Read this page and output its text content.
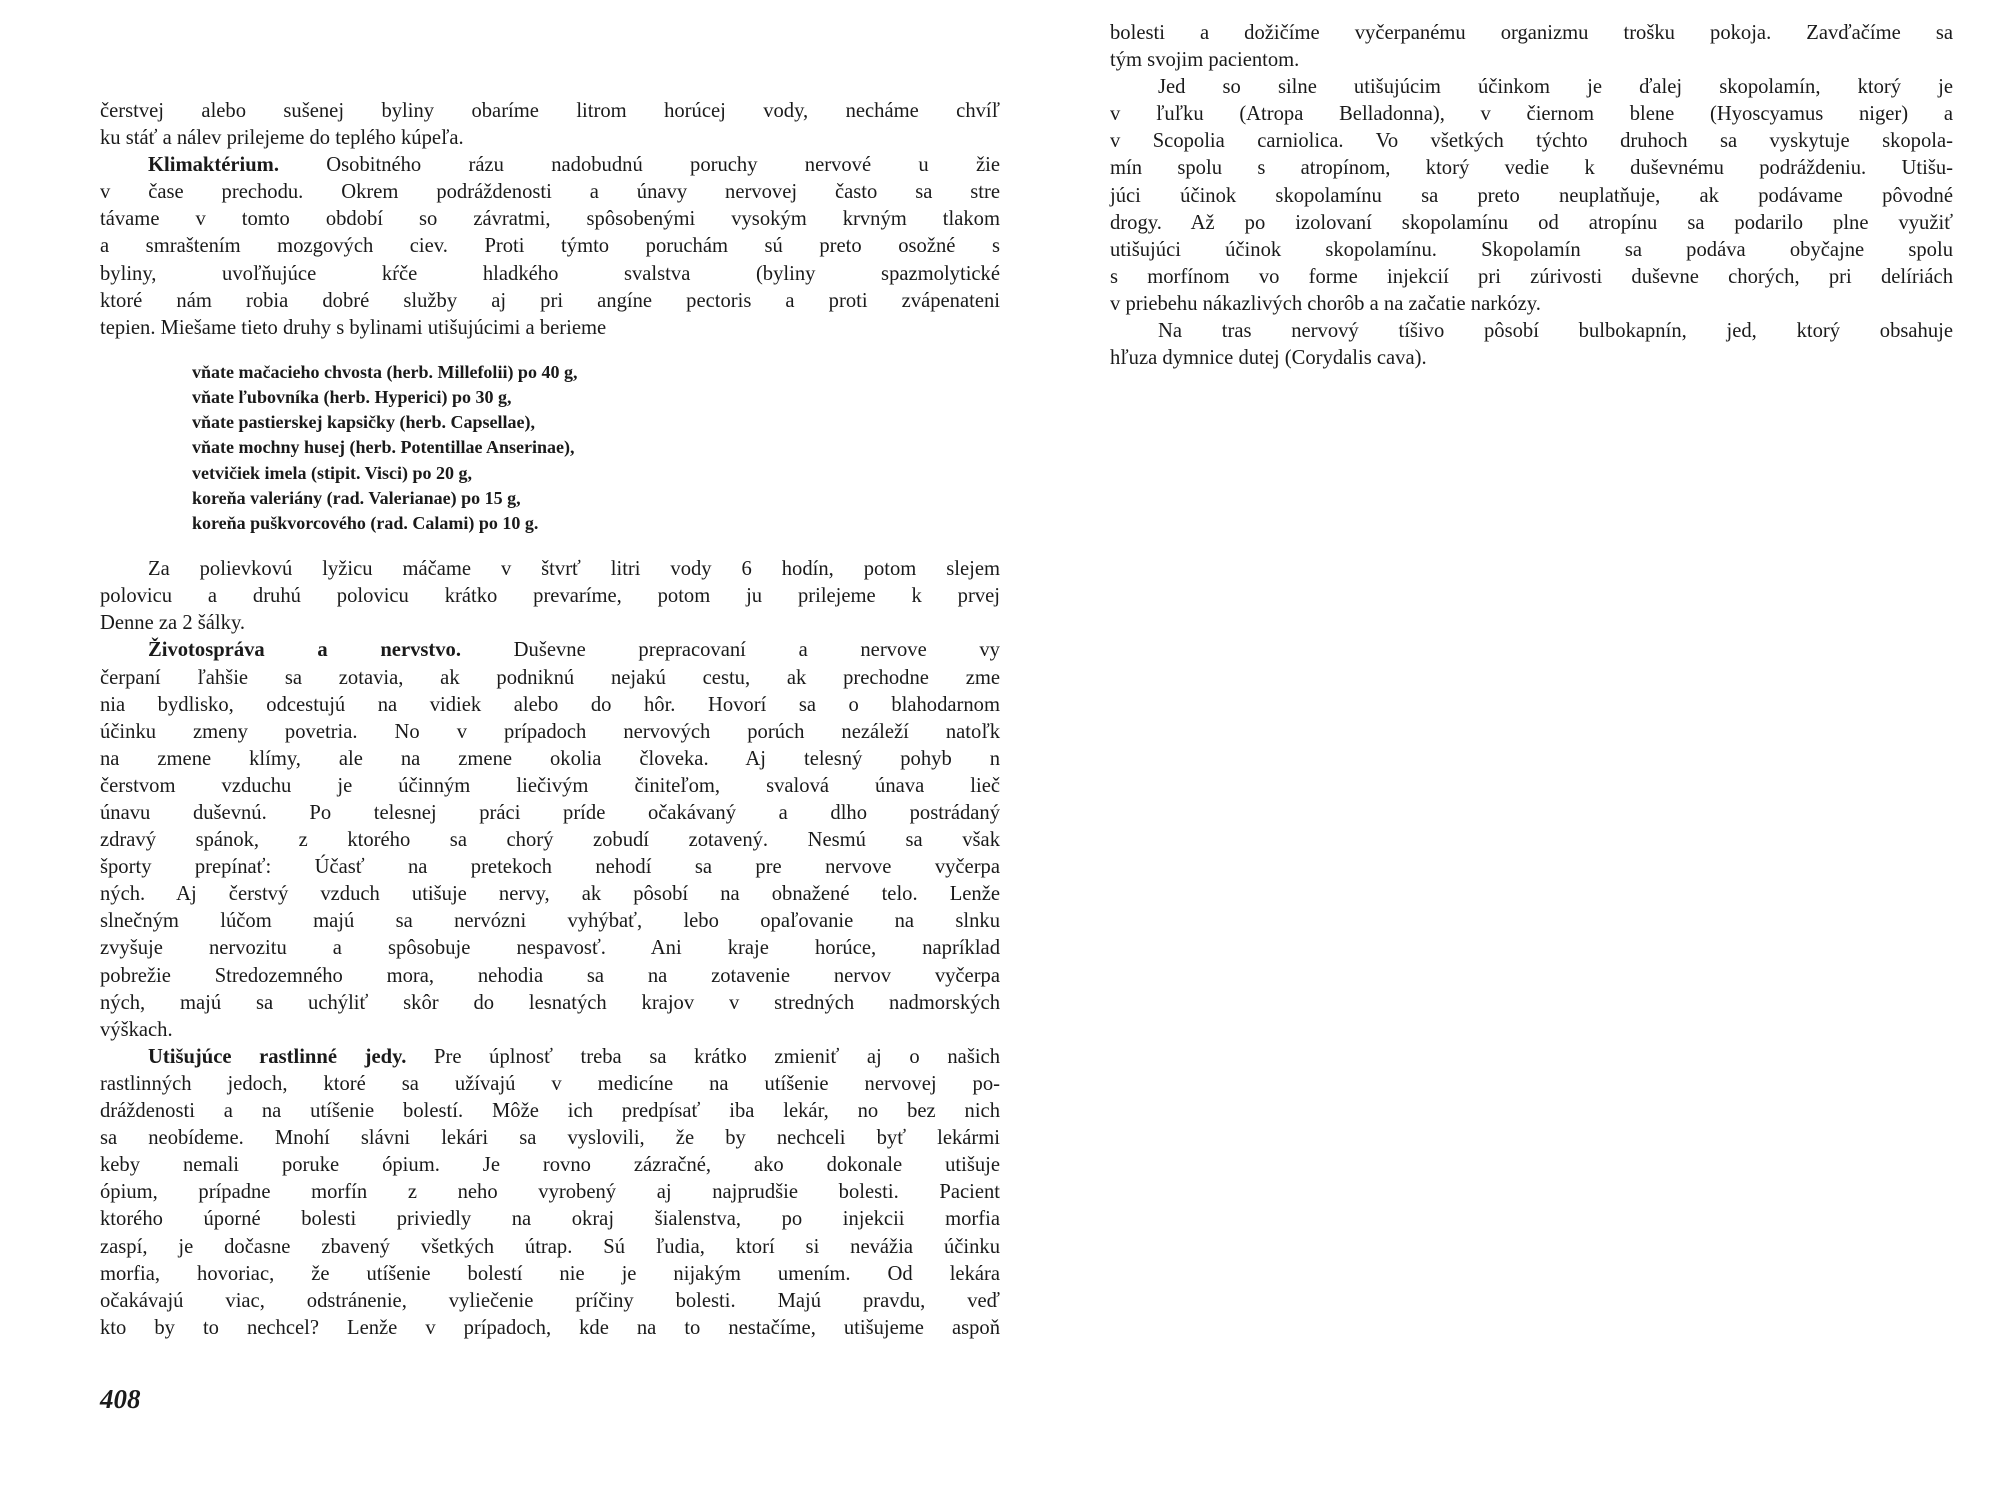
čerstvej alebo sušenej byliny obaríme litrom horúcej vody, necháme chvíľ
ku stáť a nálev prilejeme do teplého kúpeľa.
Klimaktérium. Osobitného rázu nadobudnú poruchy nervové u žie
v čase prechodu. Okrem podráždenosti a únavy nervovej často sa stre
távame v tomto období so závratmi, spôsobenými vysokým krvným tlakom
a smraštením mozgových ciev. Proti týmto poruchám sú preto osožné s
byliny, uvoľňujúce kŕče hladkého svalstva (byliny spazmolytické
ktoré nám robia dobré služby aj pri angíne pectoris a proti zvápenateni
tepien. Miešame tieto druhy s bylinami utišujúcimi a berieme
vňate mačacieho chvosta (herb. Millefolii) po 40 g,
vňate ľubovníka (herb. Hyperici) po 30 g,
vňate pastierskej kapsičky (herb. Capsellae),
vňate mochny husej (herb. Potentillae Anserinae),
vetvičiek imela (stipit. Visci) po 20 g,
koreňa valeriány (rad. Valerianae) po 15 g,
koreňa puškvorcového (rad. Calami) po 10 g.
Za polievkovú lyžicu máčame v štvrť litri vody 6 hodín, potom slejem
polovicu a druhú polovicu krátko prevaríme, potom ju prilejeme k prvej
Denne za 2 šálky.
Životospráva a nervstvo. Duševne prepracovaní a nervove vy
čerpaní ľahšie sa zotavia, ak podniknú nejakú cestu, ak prechodne zme
nia bydlisko, odcestujú na vidiek alebo do hôr. Hovorí sa o blahodarnom
účinku zmeny povetria. No v prípadoch nervových porúch nezáleží natoľk
na zmene klímy, ale na zmene okolia človeka. Aj telesný pohyb n
čerstvom vzduchu je účinným liečivým činiteľom, svalová únava lieč
únavu duševnú. Po telesnej práci príde očakávaný a dlho postrádaný
zdravý spánok, z ktorého sa chorý zobudí zotavený. Nesmú sa však
športy prepínať: Účasť na pretekoch nehodí sa pre nervove vyčerpa
ných. Aj čerstvý vzduch utišuje nervy, ak pôsobí na obnažené telo. Lenže
slnečným lúčom majú sa nervózni vyhýbať, lebo opaľovanie na slnku
zvyšuje nervozitu a spôsobuje nespavosť. Ani kraje horúce, napríklad
pobrežie Stredozemného mora, nehodia sa na zotavenie nervov vyčerpa
ných, majú sa uchýliť skôr do lesnatých krajov v stredných nadmorských
výškach.
Utišujúce rastlinné jedy. Pre úplnosť treba sa krátko zmieniť aj o našich
rastlinných jedoch, ktoré sa užívajú v medicíne na utíšenie nervovej po-
dráždenosti a na utíšenie bolestí. Môže ich predpísať iba lekár, no bez nich
sa neobídeme. Mnohí slávni lekári sa vyslovili, že by nechceli byť lekármi
keby nemali poruke ópium. Je rovno zázračné, ako dokonale utišuje
ópium, prípadne morfín z neho vyrobený aj najprudšie bolesti. Pacient
ktorého úporné bolesti priviedly na okraj šialenstva, po injekcii morfia
zaspí, je dočasne zbavený všetkých útrap. Sú ľudia, ktorí si nevážia účinku
morfia, hovoriac, že utíšenie bolestí nie je nijakým umením. Od lekára
očakávajú viac, odstránenie, vyliečenie príčiny bolesti. Majú pravdu, veď
kto by to nechcel? Lenže v prípadoch, kde na to nestačíme, utišujeme aspoň
408
bolesti a dožičíme vyčerpanému organizmu trošku pokoja. Zavďačíme sa
tým svojim pacientom.
Jed so silne utišujúcim účinkom je ďalej skopolamín, ktorý je
v ľuľku (Atropa Belladonna), v čiernom blene (Hyoscyamus niger) a
v Scopolia carniolica. Vo všetkých týchto druhoch sa vyskytuje skopola-
mín spolu s atropínom, ktorý vedie k duševnému podráždeniu. Utišu-
júci účinok skopolamínu sa preto neuplatňuje, ak podávame pôvodné
drogy. Až po izolovaní skopolamínu od atropínu sa podarilo plne využiť
utišujúci účinok skopolamínu. Skopolamín sa podáva obyčajne spolu
s morfínom vo forme injekcií pri zúrivosti duševne chorých, pri delíriách
v priebehu nákazlivých chorôb a na začatie narkózy.
Na tras nervový tíšivo pôsobí bulbokapnín, jed, ktorý obsahuje
hľuza dymnice dutej (Corydalis cava).
